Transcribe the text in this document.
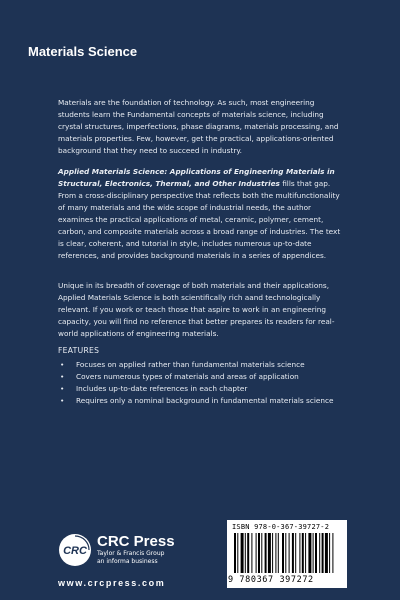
Materials Science
Materials are the foundation of technology. As such, most engineering students learn the Fundamental concepts of materials science, including crystal structures, imperfections, phase diagrams, materials processing, and materials properties. Few, however, get the practical, applications-oriented background that they need to succeed in industry.
Applied Materials Science: Applications of Engineering Materials in Structural, Electronics, Thermal, and Other Industries fills that gap. From a cross-disciplinary perspective that reflects both the multifunctionality of many materials and the wide scope of industrial needs, the author examines the practical applications of metal, ceramic, polymer, cement, carbon, and composite materials across a broad range of industries. The text is clear, coherent, and tutorial in style, includes numerous up-to-date references, and provides background materials in a series of appendices.
Unique in its breadth of coverage of both materials and their applications, Applied Materials Science is both scientifically rich aand technologically relevant. If you work or teach those that aspire to work in an engineering capacity, you will find no reference that better prepares its readers for real-world applications of engineering materials.
FEATURES
• Focuses on applied rather than fundamental materials science
• Covers numerous types of materials and areas of application
• Includes up-to-date references in each chapter
• Requires only a nominal background in fundamental materials science
CRC
CRC Press
Taylor & Francis Group
an informa business
www.crcpress.com
ISBN 978-0-367-39727-2
9 780367 397272
